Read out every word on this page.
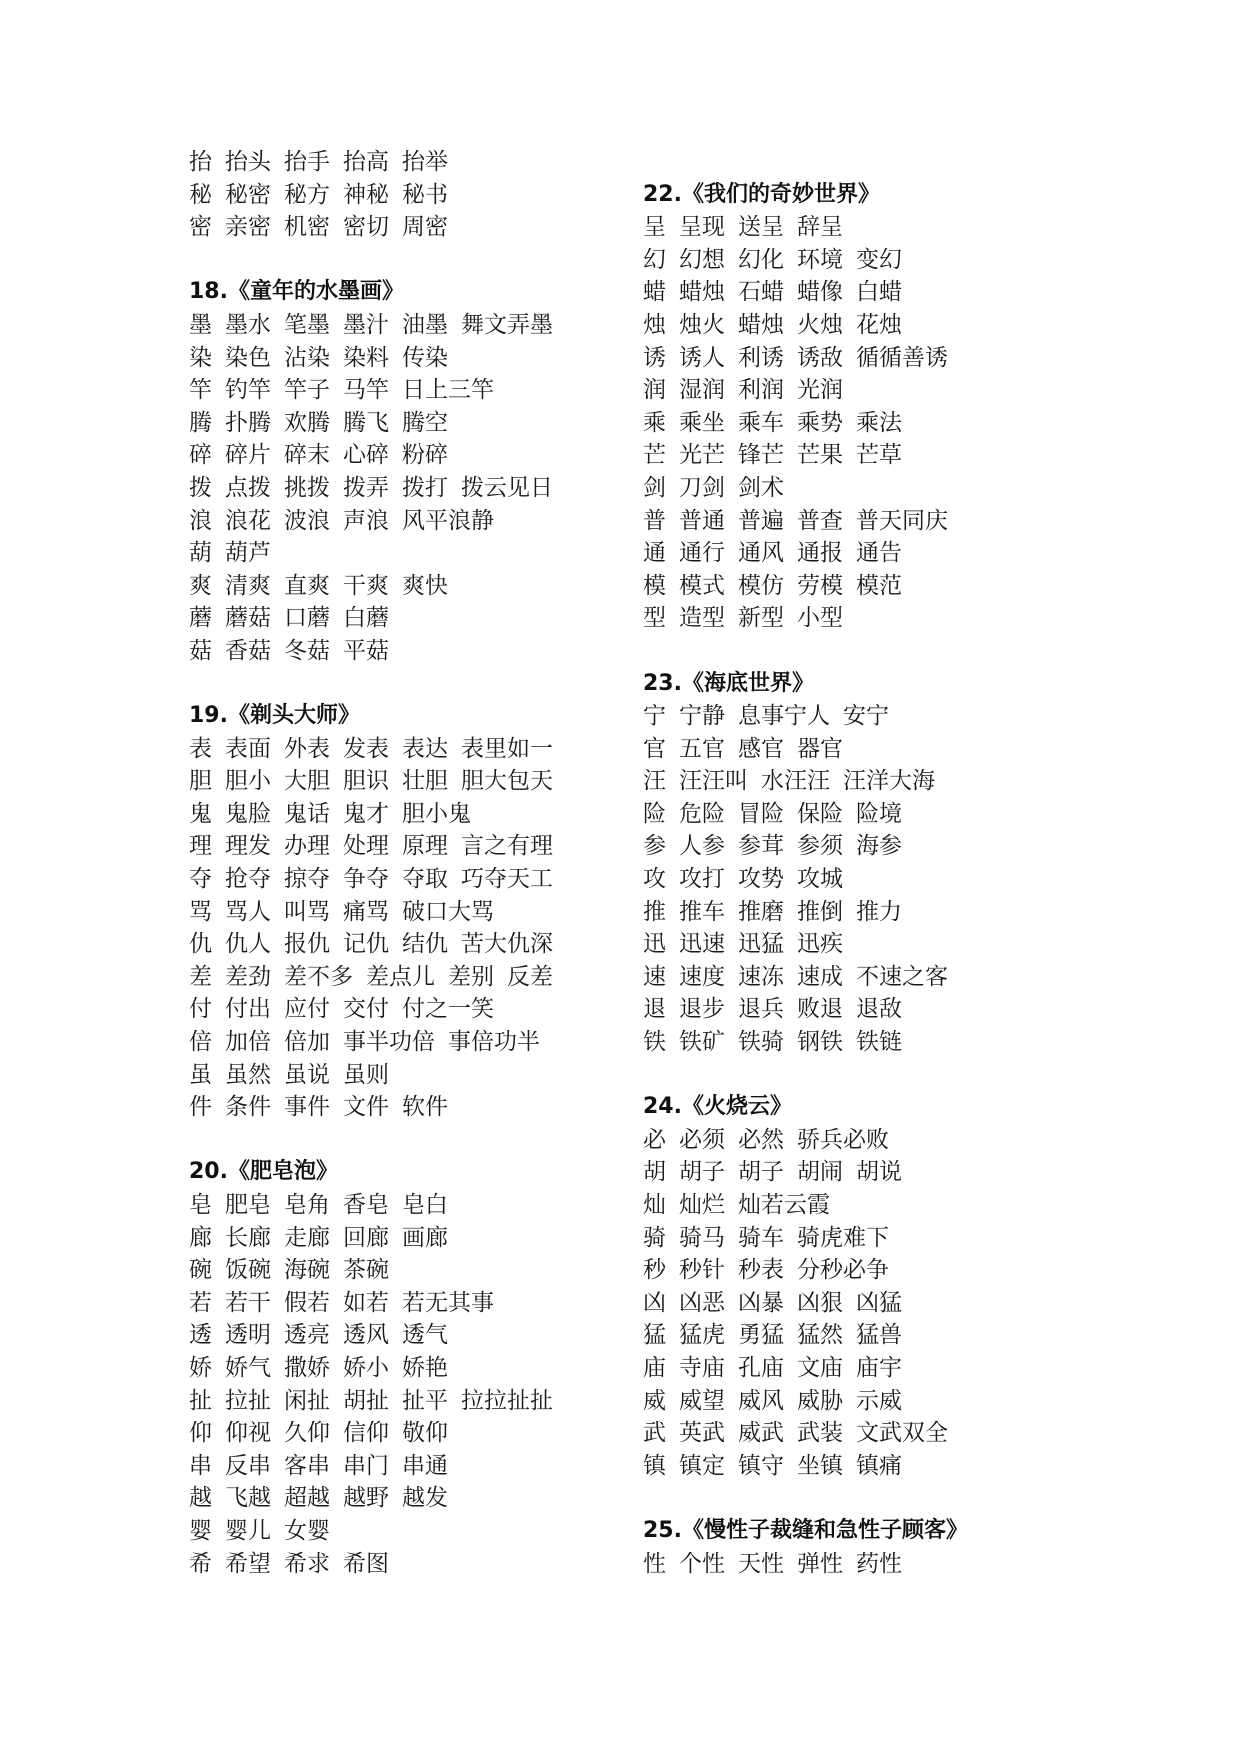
抬 抬头 抬手 抬高 抬举
秘 秘密 秘方 神秘 秘书
密 亲密 机密 密切 周密
18.《童年的水墨画》
墨 墨水 笔墨 墨汁 油墨 舞文弄墨
染 染色 沾染 染料 传染
竿 钓竿 竿子 马竿 日上三竿
腾 扑腾 欢腾 腾飞 腾空
碎 碎片 碎末 心碎 粉碎
拨 点拨 挑拨 拨弄 拨打 拨云见日
浪 浪花 波浪 声浪 风平浪静
葫 葫芦
爽 清爽 直爽 干爽 爽快
蘑 蘑菇 口蘑 白蘑
菇 香菇 冬菇 平菇
19.《剃头大师》
表 表面 外表 发表 表达 表里如一
胆 胆小 大胆 胆识 壮胆 胆大包天
鬼 鬼脸 鬼话 鬼才 胆小鬼
理 理发 办理 处理 原理 言之有理
夺 抢夺 掠夺 争夺 夺取 巧夺天工
骂 骂人 叫骂 痛骂 破口大骂
仇 仇人 报仇 记仇 结仇 苦大仇深
差 差劲 差不多 差点儿 差别 反差
付 付出 应付 交付 付之一笑
倍 加倍 倍加 事半功倍 事倍功半
虽 虽然 虽说 虽则
件 条件 事件 文件 软件
20.《肥皂泡》
皂 肥皂 皂角 香皂 皂白
廊 长廊 走廊 回廊 画廊
碗 饭碗 海碗 茶碗
若 若干 假若 如若 若无其事
透 透明 透亮 透风 透气
娇 娇气 撒娇 娇小 娇艳
扯 拉扯 闲扯 胡扯 扯平 拉拉扯扯
仰 仰视 久仰 信仰 敬仰
串 反串 客串 串门 串通
越 飞越 超越 越野 越发
婴 婴儿 女婴
希 希望 希求 希图
22.《我们的奇妙世界》
呈 呈现 送呈 辞呈
幻 幻想 幻化 环境 变幻
蜡 蜡烛 石蜡 蜡像 白蜡
烛 烛火 蜡烛 火烛 花烛
诱 诱人 利诱 诱敌 循循善诱
润 湿润 利润 光润
乘 乘坐 乘车 乘势 乘法
芒 光芒 锋芒 芒果 芒草
剑 刀剑 剑术
普 普通 普遍 普查 普天同庆
通 通行 通风 通报 通告
模 模式 模仿 劳模 模范
型 造型 新型 小型
23.《海底世界》
宁 宁静 息事宁人 安宁
官 五官 感官 器官
汪 汪汪叫 水汪汪 汪洋大海
险 危险 冒险 保险 险境
参 人参 参茸 参须 海参
攻 攻打 攻势 攻城
推 推车 推磨 推倒 推力
迅 迅速 迅猛 迅疾
速 速度 速冻 速成 不速之客
退 退步 退兵 败退 退敌
铁 铁矿 铁骑 钢铁 铁链
24.《火烧云》
必 必须 必然 骄兵必败
胡 胡子 胡子 胡闹 胡说
灿 灿烂 灿若云霞
骑 骑马 骑车 骑虎难下
秒 秒针 秒表 分秒必争
凶 凶恶 凶暴 凶狠 凶猛
猛 猛虎 勇猛 猛然 猛兽
庙 寺庙 孔庙 文庙 庙宇
威 威望 威风 威胁 示威
武 英武 威武 武装 文武双全
镇 镇定 镇守 坐镇 镇痛
25.《慢性子裁缝和急性子顾客》
性 个性 天性 弹性 药性
